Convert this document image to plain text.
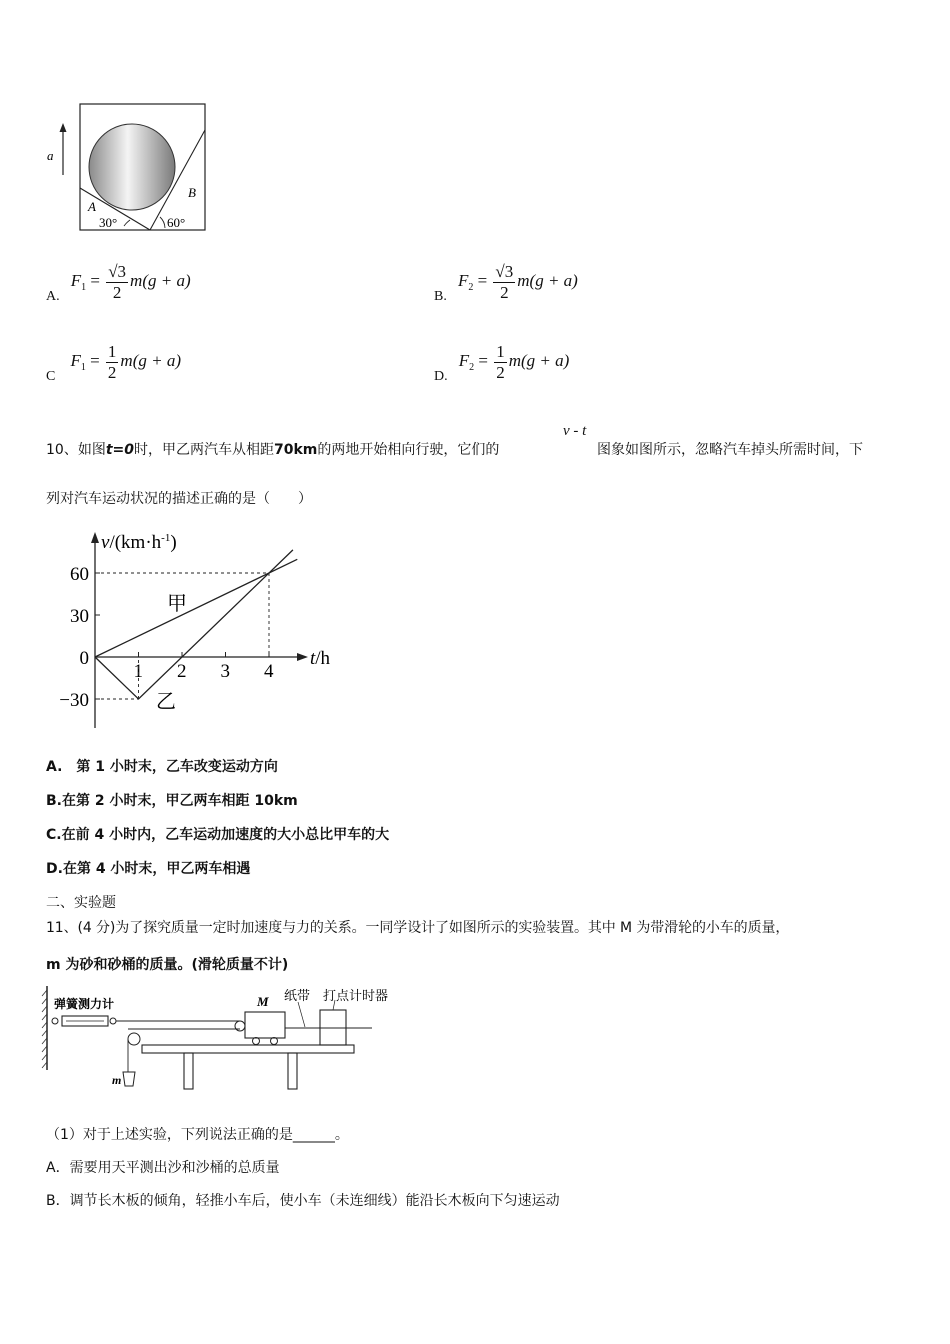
a
A
B
30°	60°
A. $F_1 = \frac{√3}{2} m(g + a)$
B. $F_2 = \frac{√3}{2} m(g + a)$
C $F_1 = \frac{1}{2} m(g + a)$
D. $F_2 = \frac{1}{2} m(g + a)$
10、如图t=0时，甲乙两汽车从相距70km的两地开始相向行驶，它们的
v - t
图象如图所示，忽略汽车掉头所需时间，下
列对汽车运动状况的描述正确的是（　　）
$v/(km\cdot h^{-1})$
t/h
60
30
0
−30
1 2 3 4
甲
乙
A.　第 1 小时末，乙车改变运动方向
B.在第 2 小时末，甲乙两车相距 10km
C.在前 4 小时内，乙车运动加速度的大小总比甲车的大
D.在第 4 小时末，甲乙两车相遇
二、实验题
11、(4 分)为了探究质量一定时加速度与力的关系。一同学设计了如图所示的实验装置。其中 M 为带滑轮的小车的质量，
m 为砂和砂桶的质量。(滑轮质量不计)
弹簧测力计
m
M 纸带 打点计时器
（1）对于上述实验，下列说法正确的是______。
A．需要用天平测出沙和沙桶的总质量
B．调节长木板的倾角，轻推小车后，使小车（未连细线）能沿长木板向下匀速运动
